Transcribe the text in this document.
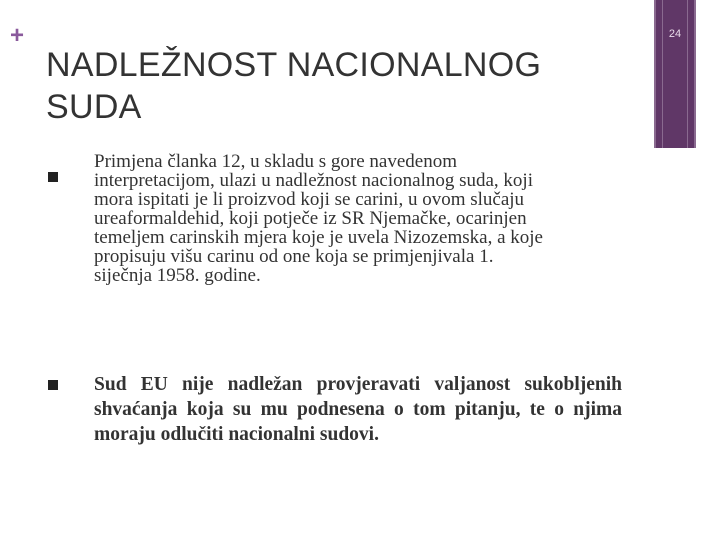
+	24
NADLEŽNOST NACIONALNOG
SUDA
Primjena članka 12, u skladu s gore navedenom
interpretacijom, ulazi u nadležnost nacionalnog suda, koji
mora ispitati je li proizvod koji se carini, u ovom slučaju
ureaformaldehid, koji potječe iz SR Njemačke, ocarinjen
temeljem carinskih mjera koje je uvela Nizozemska, a koje
propisuju višu carinu od one koja se primjenjivala 1.
siječnja 1958. godine.
Sud EU nije nadležan provjeravati valjanost sukobljenih shvaćanja koja su mu podnesena o tom pitanju, te o njima moraju odlučiti nacionalni sudovi.
